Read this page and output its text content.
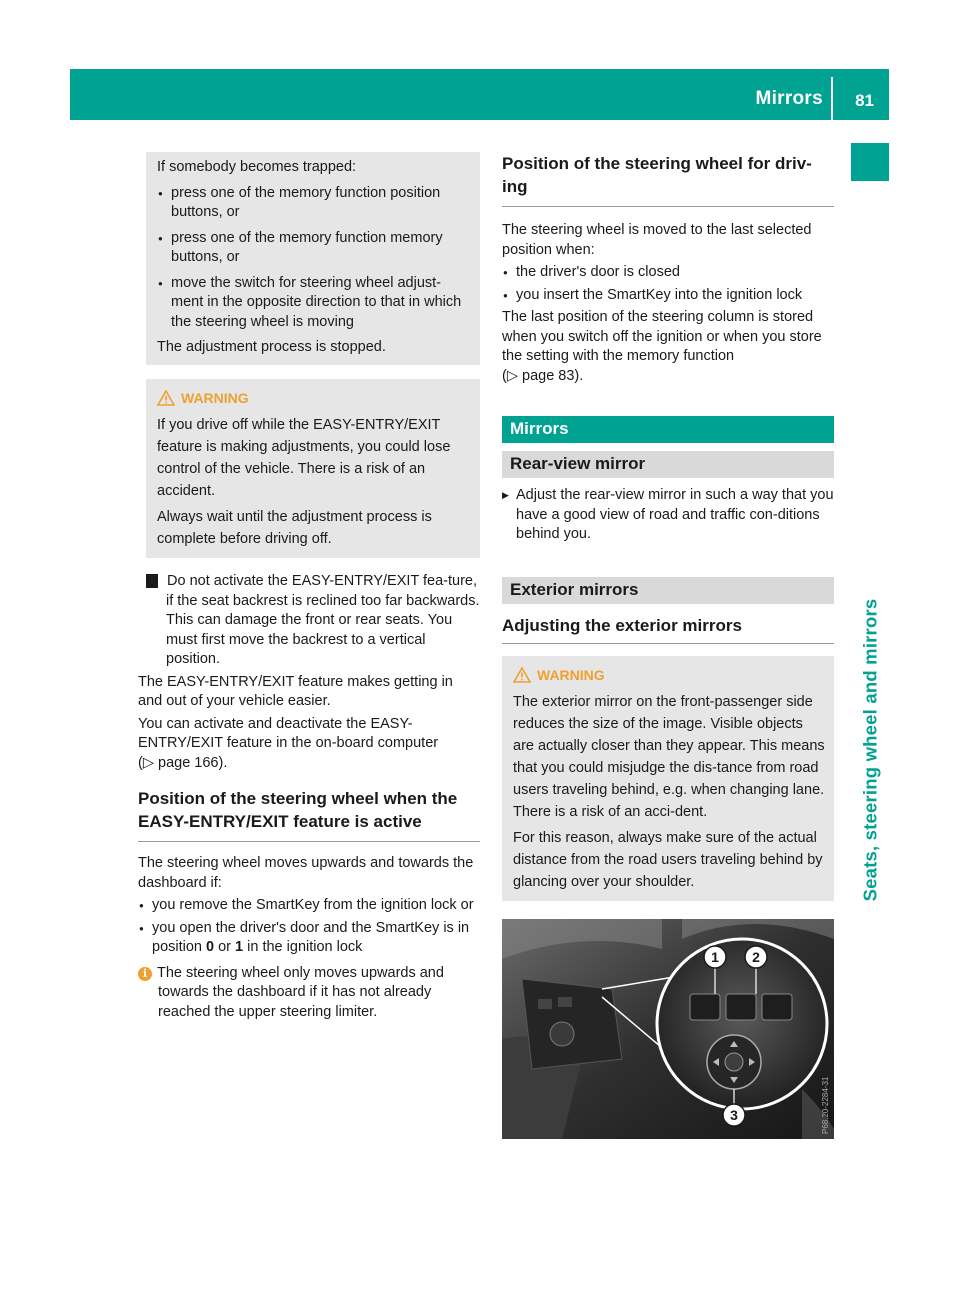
Mirrors 81
Seats, steering wheel and mirrors

If somebody becomes trapped:

● press one of the memory function position buttons, or

● press one of the memory function memory buttons, or

● move the switch for steering wheel adjust-ment in the opposite direction to that in which the steering wheel is moving

The adjustment process is stopped.

WARNING

If you drive off while the EASY-ENTRY/EXIT feature is making adjustments, you could lose control of the vehicle. There is a risk of an accident.

Always wait until the adjustment process is complete before driving off.

! Do not activate the EASY-ENTRY/EXIT fea-ture, if the seat backrest is reclined too far backwards. This can damage the front or rear seats. You must first move the backrest to a vertical position.

The EASY-ENTRY/EXIT feature makes getting in and out of your vehicle easier.

You can activate and deactivate the EASY-ENTRY/EXIT feature in the on-board computer
(▷ page 166).

Position of the steering wheel when the EASY-ENTRY/EXIT feature is active

The steering wheel moves upwards and towards the dashboard if:

● you remove the SmartKey from the ignition lock or

● you open the driver's door and the SmartKey is in position 0 or 1 in the ignition lock

i The steering wheel only moves upwards and towards the dashboard if it has not already reached the upper steering limiter.

Position of the steering wheel for driv-ing

The steering wheel is moved to the last selected position when:

● the driver's door is closed

● you insert the SmartKey into the ignition lock

The last position of the steering column is stored when you switch off the ignition or when you store the setting with the memory function
(▷ page 83).

Mirrors
Rear-view mirror

▶ Adjust the rear-view mirror in such a way that you have a good view of road and traffic con-ditions behind you.

Exterior mirrors
Adjusting the exterior mirrors
WARNING

The exterior mirror on the front-passenger side reduces the size of the image. Visible objects are actually closer than they appear. This means that you could misjudge the dis-tance from road users traveling behind, e.g. when changing lane. There is a risk of an acci-dent.

For this reason, always make sure of the actual distance from the road users traveling behind by glancing over your shoulder.

1 2
3	P68.20-2284-31
